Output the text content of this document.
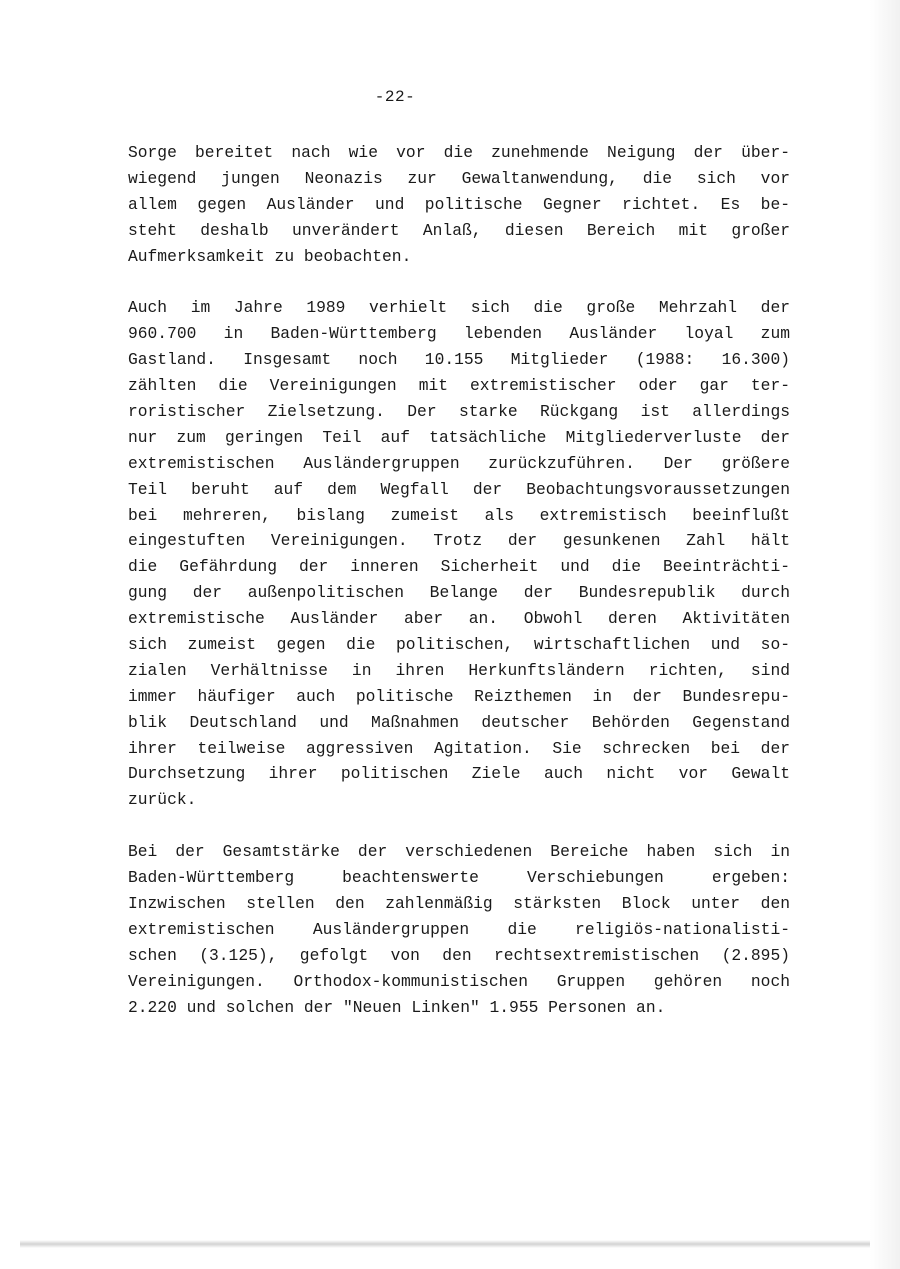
-22-
Sorge bereitet nach wie vor die zunehmende Neigung der über-
wiegend jungen Neonazis zur Gewaltanwendung, die sich vor
allem gegen Ausländer und politische Gegner richtet. Es be-
steht deshalb unverändert Anlaß, diesen Bereich mit großer
Aufmerksamkeit zu beobachten.
Auch im Jahre 1989 verhielt sich die große Mehrzahl der
960.700 in Baden-Württemberg lebenden Ausländer loyal zum
Gastland. Insgesamt noch 10.155 Mitglieder (1988: 16.300)
zählten die Vereinigungen mit extremistischer oder gar ter-
roristischer Zielsetzung. Der starke Rückgang ist allerdings
nur zum geringen Teil auf tatsächliche Mitgliederverluste der
extremistischen Ausländergruppen zurückzuführen. Der größere
Teil beruht auf dem Wegfall der Beobachtungsvoraussetzungen
bei mehreren, bislang zumeist als extremistisch beeinflußt
eingestuften Vereinigungen. Trotz der gesunkenen Zahl hält
die Gefährdung der inneren Sicherheit und die Beeinträchti-
gung der außenpolitischen Belange der Bundesrepublik durch
extremistische Ausländer aber an. Obwohl deren Aktivitäten
sich zumeist gegen die politischen, wirtschaftlichen und so-
zialen Verhältnisse in ihren Herkunftsländern richten, sind
immer häufiger auch politische Reizthemen in der Bundesrepu-
blik Deutschland und Maßnahmen deutscher Behörden Gegenstand
ihrer teilweise aggressiven Agitation. Sie schrecken bei der
Durchsetzung ihrer politischen Ziele auch nicht vor Gewalt
zurück.
Bei der Gesamtstärke der verschiedenen Bereiche haben sich in
Baden-Württemberg beachtenswerte Verschiebungen ergeben:
Inzwischen stellen den zahlenmäßig stärksten Block unter den
extremistischen Ausländergruppen die religiös-nationalisti-
schen (3.125), gefolgt von den rechtsextremistischen (2.895)
Vereinigungen. Orthodox-kommunistischen Gruppen gehören noch
2.220 und solchen der "Neuen Linken" 1.955 Personen an.
